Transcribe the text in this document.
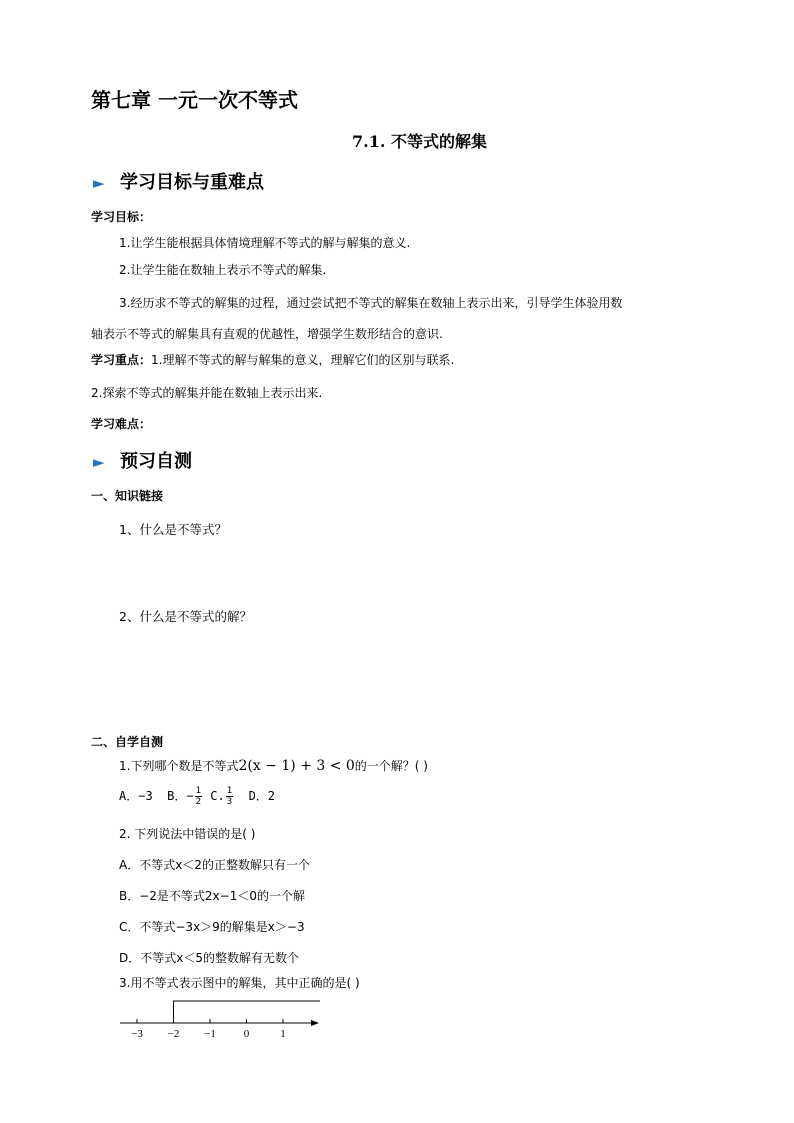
第七章 一元一次不等式
7.1. 不等式的解集
► 学习目标与重难点
学习目标：
1.让学生能根据具体情境理解不等式的解与解集的意义.
2.让学生能在数轴上表示不等式的解集.
3.经历求不等式的解集的过程，通过尝试把不等式的解集在数轴上表示出来，引导学生体验用数
轴表示不等式的解集具有直观的优越性，增强学生数形结合的意识.
学习重点：1.理解不等式的解与解集的意义，理解它们的区别与联系.
2.探索不等式的解集并能在数轴上表示出来.
学习难点：
► 预习自测
一、知识链接
1、什么是不等式？
2、什么是不等式的解？
二、自学自测
1.下列哪个数是不等式2(x − 1) + 3 < 0的一个解？( )
A．−3 B．− $\frac{1}{2} C$. $\frac{1}{3}$ D．2
2. 下列说法中错误的是( )
A．不等式x＜2的正整数解只有一个
B．−2是不等式2x−1＜0的一个解
C．不等式−3x＞9的解集是x＞−3
D．不等式x＜5的整数解有无数个
3.用不等式表示图中的解集，其中正确的是( )
−3 −2 −1	0	1
